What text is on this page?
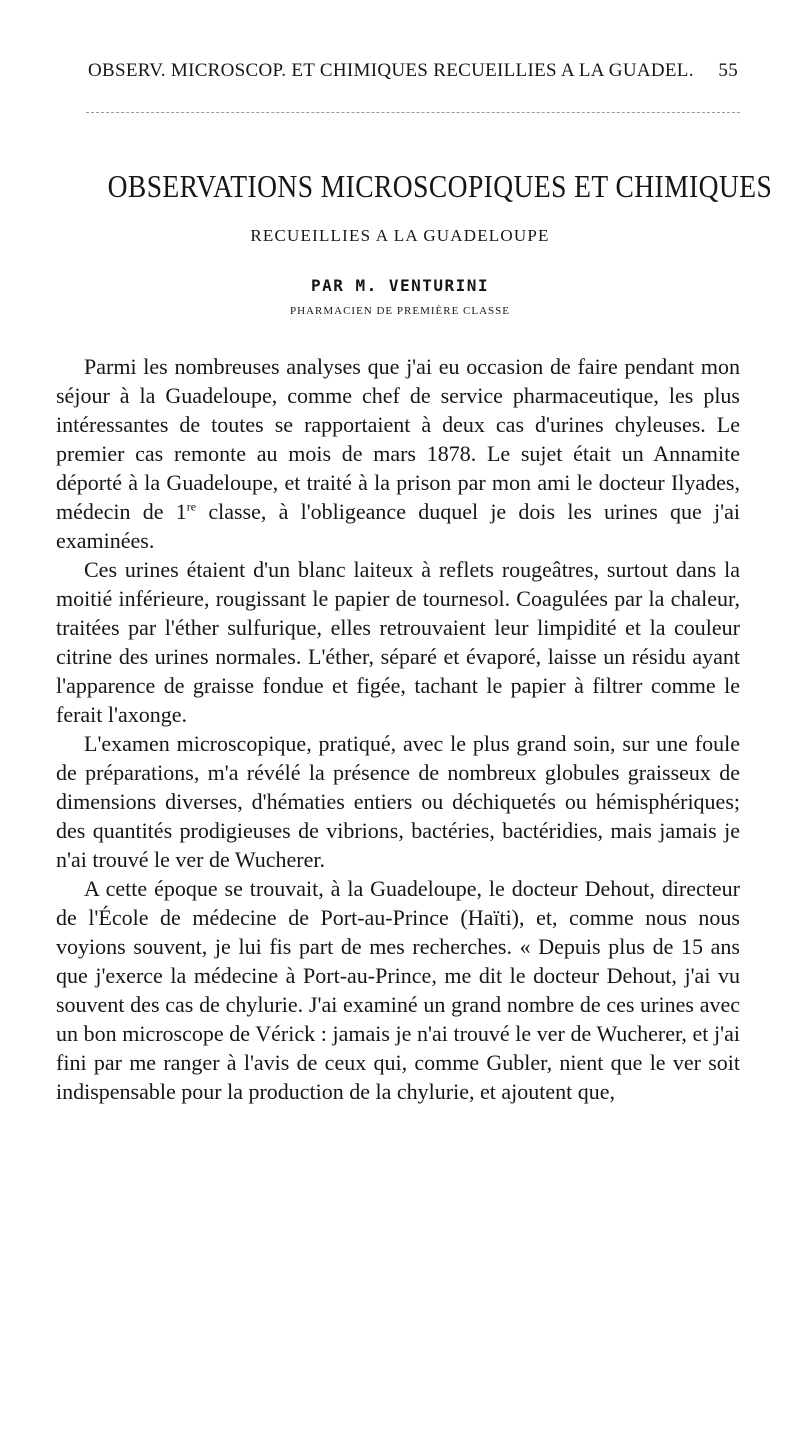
OBSERV. MICROSCOP. ET CHIMIQUES RECUEILLIES A LA GUADEL. 55
OBSERVATIONS MICROSCOPIQUES ET CHIMIQUES
RECUEILLIES A LA GUADELOUPE
PAR M. VENTURINI
PHARMACIEN DE PREMIÈRE CLASSE

Parmi les nombreuses analyses que j'ai eu occasion de faire pendant mon séjour à la Guadeloupe, comme chef de service pharmaceutique, les plus intéressantes de toutes se rapportaient à deux cas d'urines chyleuses. Le premier cas remonte au mois de mars 1878. Le sujet était un Annamite déporté à la Guadeloupe, et traité à la prison par mon ami le docteur Ilyades, médecin de 1re classe, à l'obligeance duquel je dois les urines que j'ai examinées.

Ces urines étaient d'un blanc laiteux à reflets rougeâtres, surtout dans la moitié inférieure, rougissant le papier de tournesol. Coagulées par la chaleur, traitées par l'éther sulfurique, elles retrouvaient leur limpidité et la couleur citrine des urines normales. L'éther, séparé et évaporé, laisse un résidu ayant l'apparence de graisse fondue et figée, tachant le papier à filtrer comme le ferait l'axonge.

L'examen microscopique, pratiqué, avec le plus grand soin, sur une foule de préparations, m'a révélé la présence de nombreux globules graisseux de dimensions diverses, d'hématies entiers ou déchiquetés ou hémisphériques; des quantités prodigieuses de vibrions, bactéries, bactéridies, mais jamais je n'ai trouvé le ver de Wucherer.

A cette époque se trouvait, à la Guadeloupe, le docteur Dehout, directeur de l'École de médecine de Port-au-Prince (Haïti), et, comme nous nous voyions souvent, je lui fis part de mes recherches. « Depuis plus de 15 ans que j'exerce la médecine à Port-au-Prince, me dit le docteur Dehout, j'ai vu souvent des cas de chylurie. J'ai examiné un grand nombre de ces urines avec un bon microscope de Vérick : jamais je n'ai trouvé le ver de Wucherer, et j'ai fini par me ranger à l'avis de ceux qui, comme Gubler, nient que le ver soit indispensable pour la production de la chylurie, et ajoutent que,
